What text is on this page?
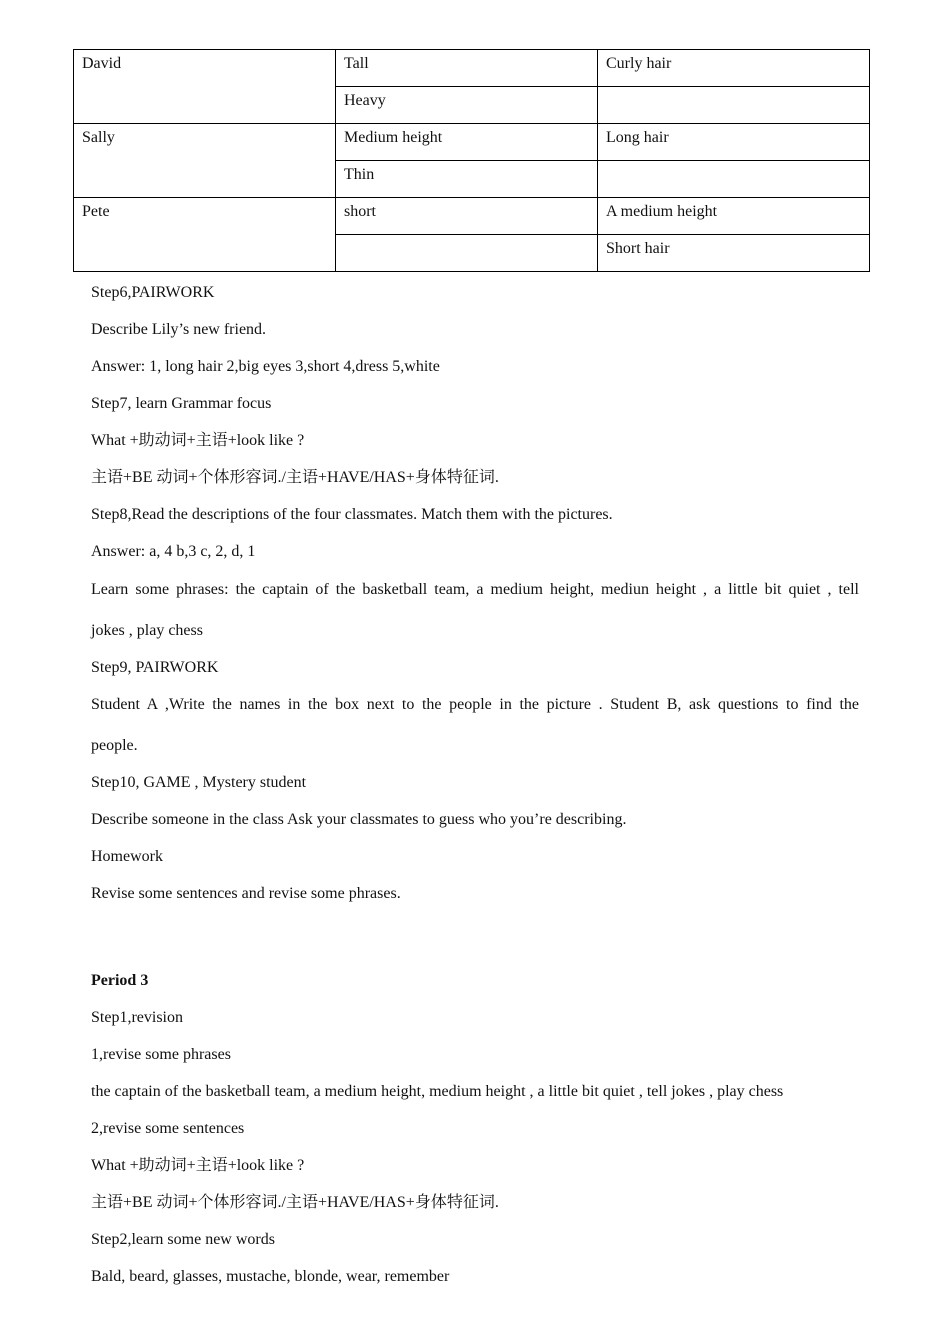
David	Tall	Curly hair
	Heavy	
Sally	Medium height	Long hair
	Thin	
Pete	short	A medium height
		Short hair
Step6,PAIRWORK
Describe Lily’s new friend.
Answer: 1, long hair 2,big eyes 3,short 4,dress 5,white
Step7, learn Grammar focus
What +助动词+主语+look like ?
主语+BE 动词+个体形容词./主语+HAVE/HAS+身体特征词.
Step8,Read the descriptions of the four classmates. Match them with the pictures.
Answer: a, 4 b,3 c, 2, d, 1
Learn some phrases: the captain of the basketball team, a medium height, mediun height , a little bit quiet , tell
jokes , play chess
Step9, PAIRWORK
Student A ,Write the names in the box next to the people in the picture . Student B, ask questions to find the
people.
Step10, GAME , Mystery student
Describe someone in the class Ask your classmates to guess who you’re describing.
Homework
Revise some sentences and revise some phrases.
Period 3
Step1,revision
1,revise some phrases
the captain of the basketball team, a medium height, medium height , a little bit quiet , tell jokes , play chess
2,revise some sentences
What +助动词+主语+look like ?
主语+BE 动词+个体形容词./主语+HAVE/HAS+身体特征词.
Step2,learn some new words
Bald, beard, glasses, mustache, blonde, wear, remember
